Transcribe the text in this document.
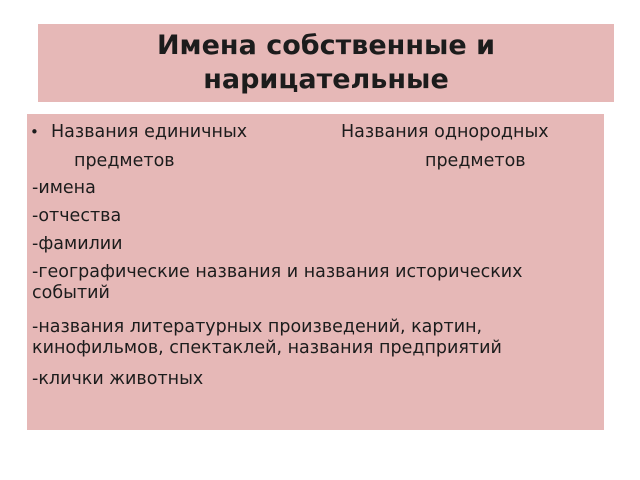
Имена собственные и нарицательные
• Названия единичных	Названия однородных
предметов	предметов
-имена
-отчества
-фамилии
-географические названия и названия исторических событий
-названия литературных произведений, картин, кинофильмов, спектаклей, названия предприятий
-клички животных
